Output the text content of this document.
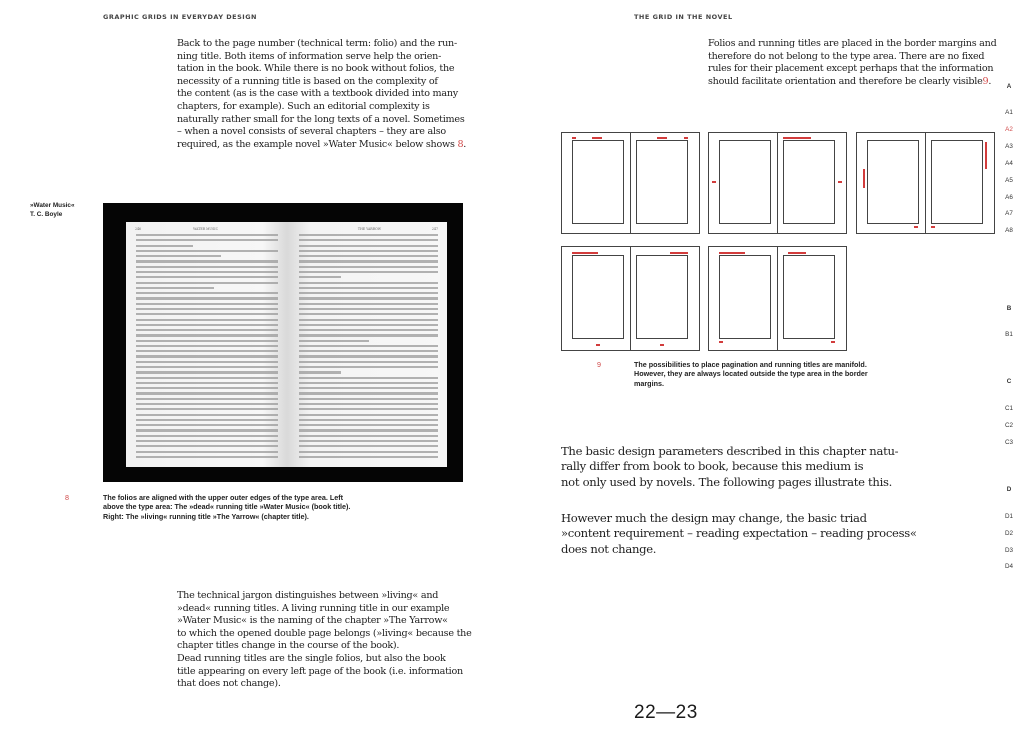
GRAPHIC GRIDS IN EVERYDAY DESIGN
Back to the page number (technical term: folio) and the run-
ning title. Both items of information serve help the orien-
tation in the book. While there is no book without folios, the
necessity of a running title is based on the complexity of
the content (as is the case with a textbook divided into many
chapters, for example). Such an editorial complexity is
naturally rather small for the long texts of a novel. Sometimes
– when a novel consists of several chapters – they are also
required, as the example novel »Water Music« below shows 8.
»Water Music«
T. C. Boyle
246	WATER MUSIC	THE YARROW	247
8	The folios are aligned with the upper outer edges of the type area. Left
above the type area: The »dead« running title »Water Music« (book title).
Right: The »living« running title »The Yarrow« (chapter title).
The technical jargon distinguishes between »living« and
»dead« running titles. A living running title in our example
»Water Music« is the naming of the chapter »The Yarrow«
to which the opened double page belongs (»living« because the
chapter titles change in the course of the book).
Dead running titles are the single folios, but also the book
title appearing on every left page of the book (i.e. information
that does not change).
THE GRID IN THE NOVEL
Folios and running titles are placed in the border margins and
therefore do not belong to the type area. There are no fixed
rules for their placement except perhaps that the information
should facilitate orientation and therefore be clearly visible9.
9	The possibilities to place pagination and running titles are manifold.
However, they are always located outside the type area in the border
margins.
The basic design parameters described in this chapter natu-
rally differ from book to book, because this medium is
not only used by novels. The following pages illustrate this.
However much the design may change, the basic triad
»content requirement – reading expectation – reading process«
does not change.
A
A1
A2
A3
A4
A5
A6
A7
A8
B
B1
C
C1
C2
C3
D
D1
D2
D3
D4
22—23
